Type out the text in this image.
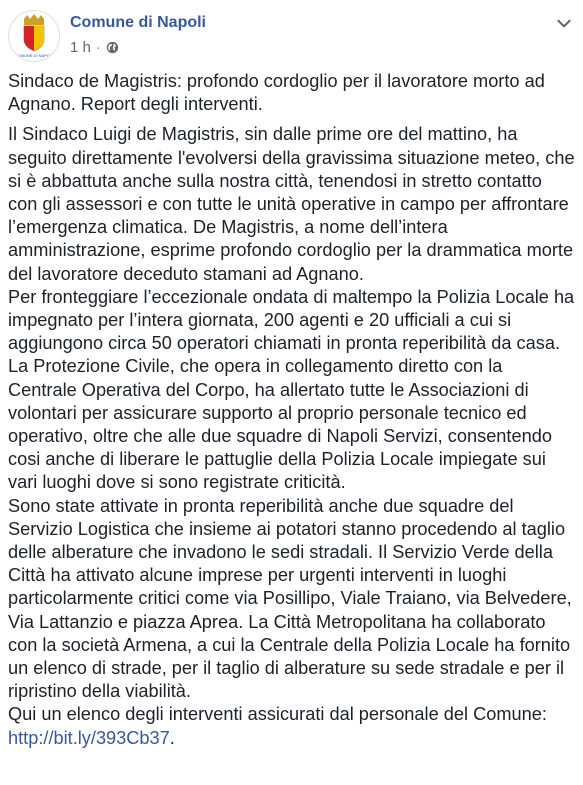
COMUNE DI NAPOLI
Comune di Napoli
1 h ·

Sindaco de Magistris: profondo cordoglio per il lavoratore morto ad Agnano. Report degli interventi.

Il Sindaco Luigi de Magistris, sin dalle prime ore del mattino, ha seguito direttamente l'evolversi della gravissima situazione meteo, che si è abbattuta anche sulla nostra città, tenendosi in stretto contatto con gli assessori e con tutte le unità operative in campo per affrontare l’emergenza climatica. De Magistris, a nome dell’intera amministrazione, esprime profondo cordoglio per la drammatica morte del lavoratore deceduto stamani ad Agnano.

Per fronteggiare l’eccezionale ondata di maltempo la Polizia Locale ha impegnato per l’intera giornata, 200 agenti e 20 ufficiali a cui si aggiungono circa 50 operatori chiamati in pronta reperibilità da casa. La Protezione Civile, che opera in collegamento diretto con la Centrale Operativa del Corpo, ha allertato tutte le Associazioni di volontari per assicurare supporto al proprio personale tecnico ed operativo, oltre che alle due squadre di Napoli Servizi, consentendo cosi anche di liberare le pattuglie della Polizia Locale impiegate sui vari luoghi dove si sono registrate criticità.

Sono state attivate in pronta reperibilità anche due squadre del Servizio Logistica che insieme ai potatori stanno procedendo al taglio delle alberature che invadono le sedi stradali. Il Servizio Verde della Città ha attivato alcune imprese per urgenti interventi in luoghi particolarmente critici come via Posillipo, Viale Traiano, via Belvedere, Via Lattanzio e piazza Aprea. La Città Metropolitana ha collaborato con la società Armena, a cui la Centrale della Polizia Locale ha fornito un elenco di strade, per il taglio di alberature su sede stradale e per il ripristino della viabilità.

Qui un elenco degli interventi assicurati dal personale del Comune:

http://bit.ly/393Cb37.
